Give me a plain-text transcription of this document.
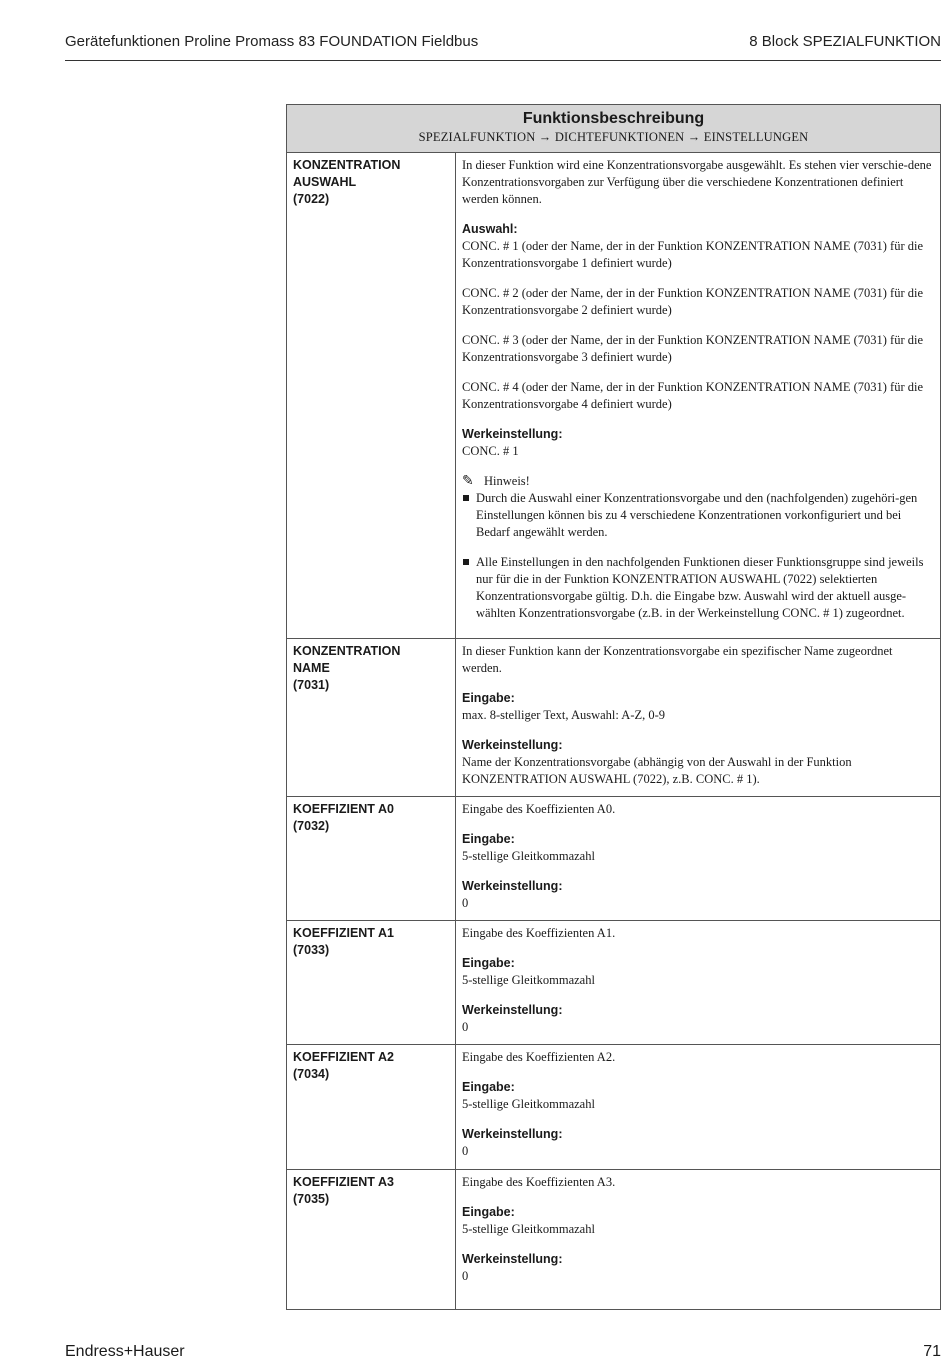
Gerätefunktionen Proline Promass 83 FOUNDATION Fieldbus	8 Block SPEZIALFUNKTION
Funktionsbeschreibung
SPEZIALFUNKTION → DICHTEFUNKTIONEN → EINSTELLUNGEN
KONZENTRATION
AUSWAHL
(7022)

In dieser Funktion wird eine Konzentrationsvorgabe ausgewählt. Es stehen vier verschie-dene Konzentrationsvorgaben zur Verfügung über die verschiedene Konzentrationen definiert werden können.

Auswahl:

CONC. # 1 (oder der Name, der in der Funktion KONZENTRATION NAME (7031) für die Konzentrationsvorgabe 1 definiert wurde)

CONC. # 2 (oder der Name, der in der Funktion KONZENTRATION NAME (7031) für die Konzentrationsvorgabe 2 definiert wurde)

CONC. # 3 (oder der Name, der in der Funktion KONZENTRATION NAME (7031) für die Konzentrationsvorgabe 3 definiert wurde)

CONC. # 4 (oder der Name, der in der Funktion KONZENTRATION NAME (7031) für die Konzentrationsvorgabe 4 definiert wurde)

Werkeinstellung:

CONC. # 1

✎ Hinweis!

Durch die Auswahl einer Konzentrationsvorgabe und den (nachfolgenden) zugehöri-gen Einstellungen können bis zu 4 verschiedene Konzentrationen vorkonfiguriert und bei Bedarf angewählt werden.
Alle Einstellungen in den nachfolgenden Funktionen dieser Funktionsgruppe sind jeweils nur für die in der Funktion KONZENTRATION AUSWAHL (7022) selektierten Konzentrationsvorgabe gültig. D.h. die Eingabe bzw. Auswahl wird der aktuell ausge-wählten Konzentrationsvorgabe (z.B. in der Werkeinstellung CONC. # 1) zugeordnet.
KONZENTRATION
NAME
(7031)

In dieser Funktion kann der Konzentrationsvorgabe ein spezifischer Name zugeordnet werden.

Eingabe:

max. 8-stelliger Text, Auswahl: A-Z, 0-9

Werkeinstellung:

Name der Konzentrationsvorgabe (abhängig von der Auswahl in der Funktion KONZENTRATION AUSWAHL (7022), z.B. CONC. # 1).

KOEFFIZIENT A0
(7032)

Eingabe des Koeffizienten A0.

Eingabe:

5-stellige Gleitkommazahl

Werkeinstellung:

0

KOEFFIZIENT A1
(7033)

Eingabe des Koeffizienten A1.

Eingabe:

5-stellige Gleitkommazahl

Werkeinstellung:

0

KOEFFIZIENT A2
(7034)

Eingabe des Koeffizienten A2.

Eingabe:

5-stellige Gleitkommazahl

Werkeinstellung:

0

KOEFFIZIENT A3
(7035)

Eingabe des Koeffizienten A3.

Eingabe:

5-stellige Gleitkommazahl

Werkeinstellung:

0

Endress+Hauser	71
